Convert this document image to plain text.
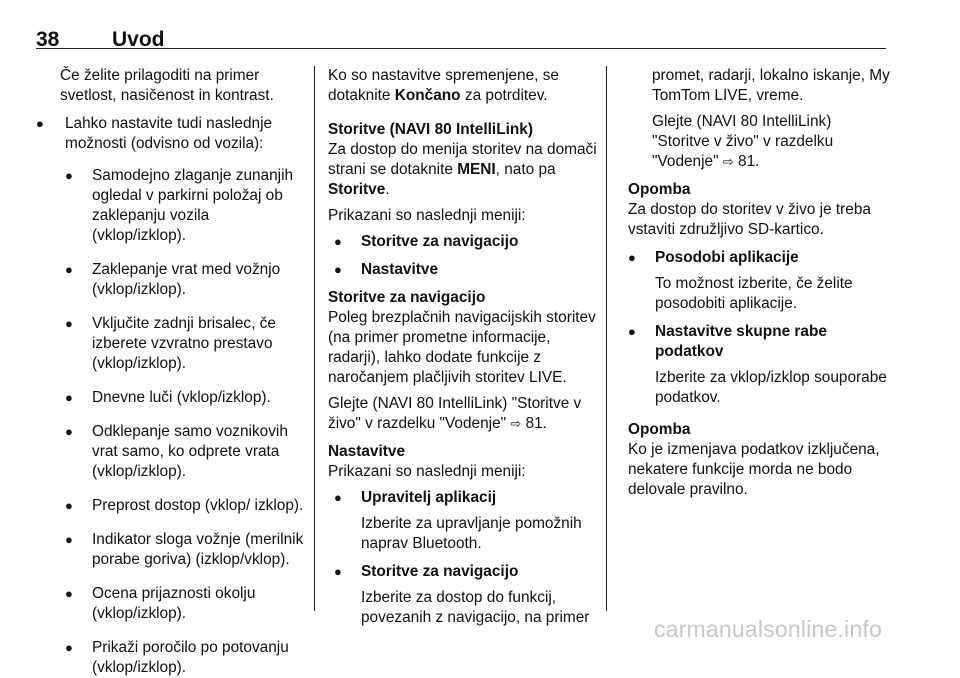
38	Uvod

Če želite prilagoditi na primer svetlost, nasičenost in kontrast.

●	Lahko nastavite tudi naslednje možnosti (odvisno od vozila):
●	Samodejno zlaganje zunanjih ogledal v parkirni položaj ob zaklepanju vozila (vklop/izklop).
●	Zaklepanje vrat med vožnjo (vklop/izklop).
●	Vključite zadnji brisalec, če izberete vzvratno prestavo (vklop/izklop).
●	Dnevne luči (vklop/izklop).
●	Odklepanje samo voznikovih vrat samo, ko odprete vrata (vklop/izklop).
●	Preprost dostop (vklop/ izklop).
●	Indikator sloga vožnje (merilnik porabe goriva) (izklop/vklop).
●	Ocena prijaznosti okolju (vklop/izklop).
●	Prikaži poročilo po potovanju (vklop/izklop).

Ko so nastavitve spremenjene, se dotaknite Končano za potrditev.

Storitve (NAVI 80 IntelliLink)

Za dostop do menija storitev na domači strani se dotaknite MENI, nato pa Storitve.

Prikazani so naslednji meniji:

●	Storitve za navigacijo
●	Nastavitve

Storitve za navigacijo

Poleg brezplačnih navigacijskih storitev (na primer prometne informacije, radarji), lahko dodate funkcije z naročanjem plačljivih storitev LIVE.

Glejte (NAVI 80 IntelliLink) "Storitve v živo" v razdelku "Vodenje" ⇨ 81.

Nastavitve

Prikazani so naslednji meniji:

●	Upravitelj aplikacij

Izberite za upravljanje pomožnih naprav Bluetooth.

●	Storitve za navigacijo

Izberite za dostop do funkcij, povezanih z navigacijo, na primer

promet, radarji, lokalno iskanje, My TomTom LIVE, vreme.

Glejte (NAVI 80 IntelliLink) "Storitve v živo" v razdelku "Vodenje" ⇨ 81.

Opomba

Za dostop do storitev v živo je treba vstaviti združljivo SD-kartico.

●	Posodobi aplikacije

To možnost izberite, če želite posodobiti aplikacije.

●	Nastavitve skupne rabe podatkov

Izberite za vklop/izklop souporabe podatkov.

Opomba

Ko je izmenjava podatkov izključena, nekatere funkcije morda ne bodo delovale pravilno.

carmanualsonline.info
